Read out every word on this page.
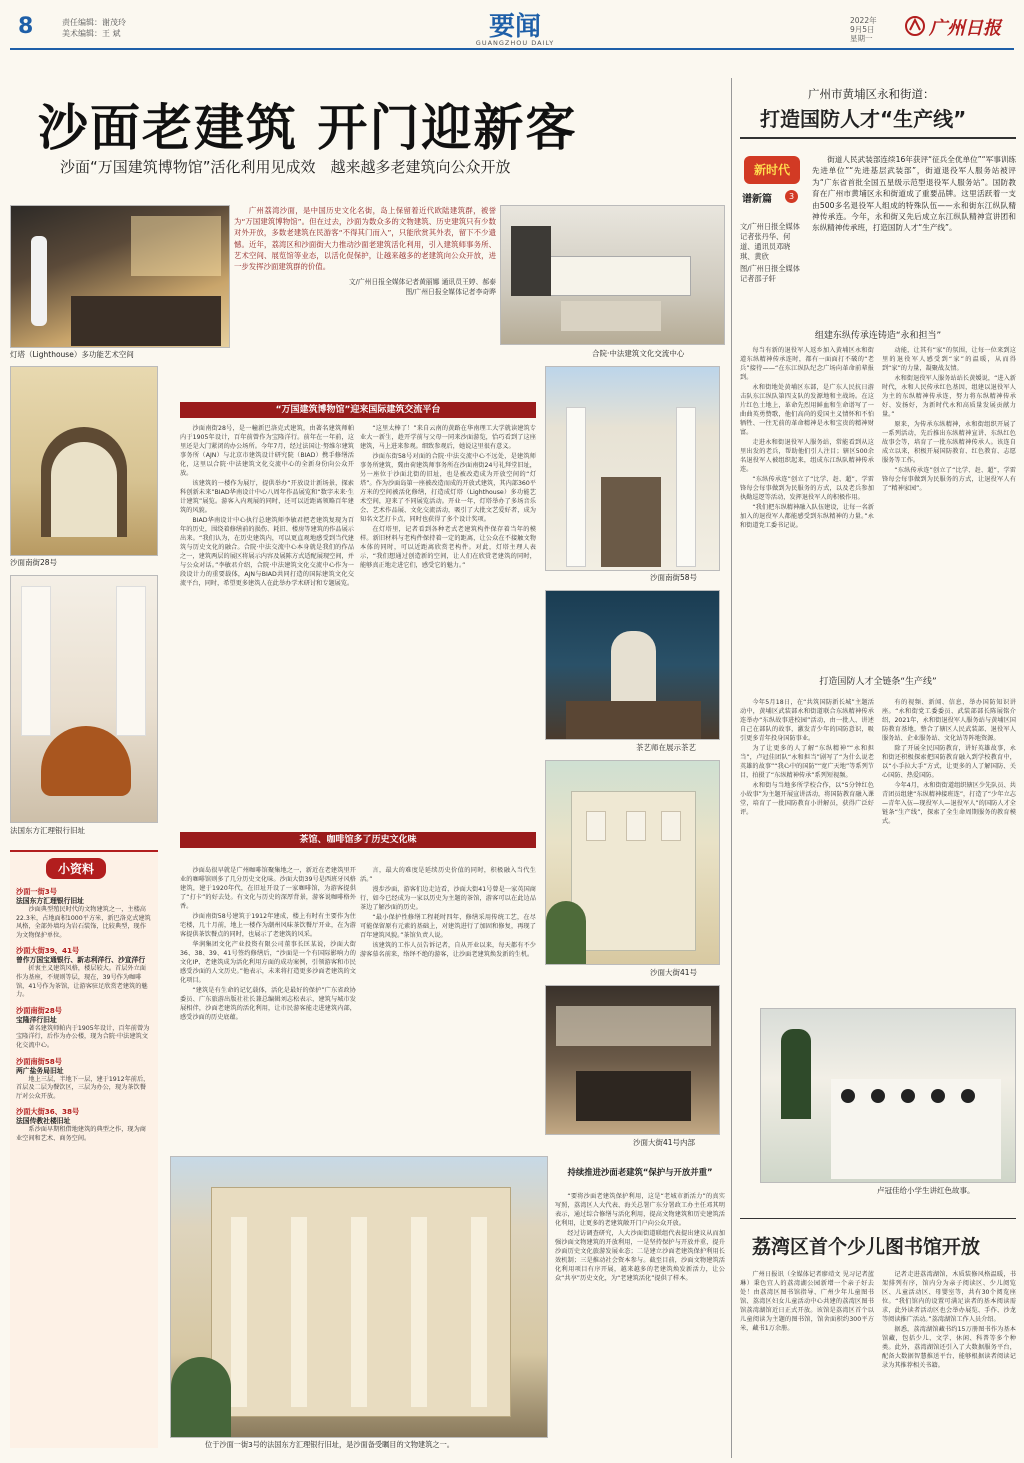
8	责任编辑：谢茂玲
美术编辑：王 斌	要闻
GUANGZHOU DAILY
2022年
9月5日
星期一	广州日报
沙面老建筑 开门迎新客
沙面“万国建筑博物馆”活化利用见成效　越来越多老建筑向公众开放
灯塔（Lighthouse）多功能艺术空间
广州荔湾沙面，是中国历史文化名街，岛上保留着近代欧陆建筑群，被誉为“万国建筑博物馆”。但在过去，沙面为数众多的文物建筑、历史建筑只有少数对外开放，多数老建筑在民游客“不得其门而入”，只能欣赏其外表，留下不少遗憾。近年，荔湾区和沙面街大力推动沙面老建筑活化利用，引入建筑师事务所、艺术空间、展览馆等业态，以活化促保护，让越来越多的老建筑向公众开放，进一步发挥沙面建筑群的价值。
文/广州日报全媒体记者黄丽娜 通讯员王婷、郝泰
图/广州日报全媒体记者李奇晔
合院·中法建筑文化交流中心
沙面南街28号
法国东方汇理银行旧址
小资料
沙面一街3号
法国东方汇理银行旧址
沙面典型殖民时代的文物建筑之一，主楼高22.3米，占地面积1000平方米，新巴洛克式建筑风格，全部外墙均为岩石装饰，比较典型，现作为文物保护单位。
沙面大街39、41号
曾作万国宝通银行、新志利洋行、沙宣洋行
折衷主义建筑风格，楼层较大。首层外立面作为基座，不规则等层，现在，39号作为咖啡馆，41号作为茶馆，让游客驻足欣赏老建筑的魅力。
沙面南街28号
宝隆洋行旧址
著名建筑师帕内于1905年设计，百年前曾为宝隆洋行，后作为办公楼，现为合院·中法建筑文化交流中心。
沙面南街58号
两广盐务局旧址
地上三层，半地下一层，建于1912年前后，首层及二层为餐饮区，三层为办公，现为茶饮餐厅对公众开放。
沙面大街36、38号
法国传教社楼旧址
系沙面早期租借地建筑的典型之作，现为商业空间和艺术、商务空间。
“万国建筑博物馆”迎来国际建筑交流平台

沙面南街28号，是一幢新巴洛克式建筑，由著名建筑师帕内于1905年设计，百年前曾作为宝隆洋行。前年在一年前，这里还是大门紧闭的办公场所。今年7月，经过法国让·努维尔建筑事务所（AJN）与北京市建筑设计研究院（BIAD）携手修缮活化，这里以合院·中法建筑文化交流中心的全新身份向公众开放。

该建筑的一楼作为展厅，提供举办“开放设计新场景，探索科创新未来”BIAD华南设计中心八周年作品展览和“数字未来·生计建筑”展览。游客入内观展的同时，还可以近距离领略百年建筑的风貌。

BIAD华南设计中心执行总建筑师李敏君把老建筑复现为百年的历史，围绕着修缮前的损伤、耗旧、楼房等建筑的作品展示出来。“我们认为，在历史建筑内，可以更直观地感受到当代建筑与历史文化的融合。合院·中法交流中心本身就是我们的作品之一，建筑两层的展区将展示内容及展陈方式适配展现空间，并与公众对话。”李敏君介绍，合院·中法建筑文化交流中心作为一段设计力的重要载体，AJN与BIAD共同打造的国际建筑文化交流平台，同时，希望更多建筑人在此举办学术研讨和专题展览。

“这里太棒了！”来自云南的黄路在华南理工大学就读建筑专业大一新生，趁开学前与父母一同来沙面游览，恰巧看到了这座建筑，马上进来参观。细致参观后，她说这里很有意义。

沙面东街58号对面的合院·中法交流中心不远处，是建筑师事务所建筑，冀由荷建筑师事务所在沙面南街24号礼拜堂旧址，另一座位于沙面北街的旧址，也是被改造成为开放空间的“灯塔”。作为沙面岛第一座被改造而成的开放式建筑，其内部360平方米的空间被活化修缮，打造成灯塔（Lighthouse）多功能艺术空间，迎来了不同展览活动。开业一年，灯塔举办了多场音乐会、艺术作品展、文化交流活动，吸引了大批文艺爱好者，成为知名文艺打卡点，同时也获得了多个设计奖项。

在灯塔里，记者看到各种老式老建筑构件保存着当年的模样。新旧材料与老构件保持着一定的距离，让公众在不接触文物本体的同时，可以近距离欣赏老构件。对此，灯塔主理人表示，“我们想通过创造新的空间，让人们在欣赏老建筑的同时，能够真正地走进它们，感受它的魅力。”

沙面南街58号
茶艺师在展示茶艺
茶馆、咖啡馆多了历史文化味

沙面岛很早就是广州咖啡馆聚集地之一，新近在老建筑里开业的咖啡馆则多了几分历史文化味。沙面大街39号是西班牙风格建筑，建于1920年代，在旧址开设了一家咖啡馆，为游客提供了“打卡”的好去处。有文化与历史的深厚背景，游客说咖啡格外香。

沙面南街58号建筑于1912年建成，楼上有时有主要作为住宅楼，几十月前，地上一楼作为潮州风味茶饮餐厅开业，在为游客提供茶饮餐点的同时，也展示了老建筑的风采。

华润集团文化产业投资有限公司董事长匡某说，沙面大街36、38、39、41号签约修缮后，“沙面是一个有国际影响力的文化IP，老建筑成为活化利用方面的成功案例，引领游客和市民感受沙面的人文历史。”他表示，未来将打造更多沙面老建筑的文化项目。

“建筑是有生命的记忆载体，活化是最好的保护”广东省政协委员、广东旅游出版社社长兼总编辑刘志松表示，建筑与城市发展相伴，沙面老建筑的活化利用，让市民游客能走进建筑内部，感受沙面的历史底蕴。

言，最大的难度是延续历史价值的同时，积极融入当代生活。”

漫步沙面，游客们边走边看，沙面大街41号曾是一家英国商行，如今已经成为一家以历史为主题的茶馆，游客可以在此边品茶边了解沙面的历史。

“最小保护性修缮工程耗时四年，修缮采用传统工艺，在尽可能保留原有元素的基础上，对建筑进行了加固和修复，再现了百年建筑风貌。”茶馆负责人说。

该建筑的工作人员告诉记者，自从开业以来，每天都有不少游客慕名前来，络绎不绝的游客，让沙面老建筑焕发新的生机。

沙面大街41号
沙面大街41号内部
位于沙面一街3号的法国东方汇理银行旧址，是沙面备受瞩目的文物建筑之一。
持续推进沙面老建筑“保护与开放并重”

“要将沙面老建筑保护利用，这是“老城市新活力”的真实写照，荔湾区人大代表、海关总署广东分署政工办主任邓其明表示，通过综合修缮与活化利用，提高文物建筑和历史建筑活化利用，让更多的老建筑敞开门户向公众开放。

经过访调查研究，人大沙面街道联组代表提出建议从而加强沙面文物建筑的开放利用，一是坚持保护与开放并重，提升沙面历史文化旅游发展业态；二是建立沙面老建筑保护利用长效机制；三是推动社会资本参与。截至目前，沙面文物建筑活化利用项目有序开展，越来越多的老建筑焕发新活力，让公众“共享”历史文化，为“老建筑活化”提供了样本。

广州市黄埔区永和街道：
打造国防人才“生产线”
新时代
谱新篇	3
文/广州日报全媒体记者张丹华、何道、通讯员邓晓琪、黄欣
图/广州日报全媒体记者邵子轩
街道人民武装部连续16年获评“征兵全优单位”“军事训练先进单位”“先进基层武装部”，街道退役军人服务站被评为“广东省首批全国五星级示范型退役军人服务站”。国防教育在广州市黄埔区永和街道成了重要品牌。这里活跃着一支由500多名退役军人组成的特殊队伍——永和街东江纵队精神传承连。今年，永和街又先后成立东江纵队精神宣讲团和东纵精神传承班，打造国防人才“生产线”。
组建东纵传承连铸造“永和担当”

每当有新的退役军人返乡加入黄埔区永和街道东纵精神传承连时，都有一面面打不破的“老兵”接待——“在东江纵队纪念广场向革命前辈报到。

永和街地处黄埔区东部，是广东人民抗日游击队东江纵队第四支队的发源地和主战场。在这片红色土地上，革命先烈用鲜血和生命谱写了一曲曲英勇赞歌，他们高尚的爱国主义情怀和不怕牺牲、一往无前的革命精神是永和宝贵的精神财富。

走进永和街退役军人服务站，常能看到从这里出发的老兵，帮助他们引人注目；辖区500余名退役军人被组织起来，组成东江纵队精神传承连。

“东纵传承连”创立了“比学、赶、超”，学雷锋每会每事做到为民服务的方式，以及老兵参加执勤巡逻等活动，发挥退役军人的积极作用。

“我们把东纵精神融入队伍建设，让每一名新加入的退役军人都能感受到东纵精神的力量。”永和街道党工委书记说。

动能，让其有“家”的氛围，让每一位来到这里的退役军人感受到“家”的温暖，从而得到“家”的力量，凝聚战友情。

永和街退役军人服务站站长黄媛说，“进入新时代，永和人民传承红色基因，组建以退役军人为主的东纵精神传承连，努力将东纵精神传承好、发扬好，为新时代永和高质量发展贡献力量。”

原来，为传承东纵精神，永和街组织开展了一系列活动，先后推出东纵精神宣讲、东纵红色故事会等，培育了一批东纵精神传承人。该连自成立以来，积极开展国防教育、红色教育、志愿服务等工作。

“东纵传承连”创立了“比学、赶、超”，学雷锋每会每事做到为民服务的方式，让退役军人有了“精神家园”。

打造国防人才全链条“生产线”

今年5月18日，在“共筑国防新长城”主题活动中，黄埔区武装部永和街道联合东纵精神传承连举办“东纵故事进校园”活动，由一批人、讲述自己在部队的故事，激发青少年的国防意识，吸引更多青年投身国防事业。

为了让更多的人了解“东纵精神”“永和担当”，卢冠佳团队“永和担当”剧写了“为什么说老英雄的故事”“我心中的国防”“宽广天地”等系列节目，拍摄了“东纵精神传承”系列短视频。

永和街与当地多所学校合作，以“5分钟红色小故事”为主题开展宣讲活动，将国防教育融入课堂，培育了一批国防教育小讲解员，获得广泛好评。

有的视频、新闻、信息，举办国防知识讲座。“永和街党工委委员、武装部部长陈展铭介绍，2021年，永和街退役军人服务站与黄埔区国防教育基地，整合了辖区人民武装部、退役军人服务站、企业服务站、文化站等阵地资源。

除了开展全民国防教育，讲好英雄故事，永和街还积极探索把国防教育融入到学校教育中，以“小手拉大手”方式，让更多的人了解国防、关心国防、热爱国防。

今年4月，永和街街道组织辖区少先队员、共青团员组建“东纵精神接班连”，打造了“少年立志—青年入伍—现役军人—退役军人”的国防人才全链条“生产线”，探索了全生命周期服务的教育模式。

卢冠佳给小学生讲红色故事。
荔湾区首个少儿图书馆开放

广州日报讯（全媒体记者廖靖文 见习记者蓝琳）秉色宜人的荔湾湖公园新增一个亲子好去处！由荔湾区图书馆指导、广州少年儿童图书馆、荔湾区妇女儿童活动中心共建的荔湾区图书馆荔湾湖馆近日正式开放。该馆是荔湾区首个以儿童阅读为主题的图书馆，馆舍面积约300平方米，藏书1万余册。

记者走进荔湾湖馆，木质装修风格温暖，书架排列有序，馆内分为亲子阅读区、少儿阅览区、儿童活动区、母婴室等，共有30个阅览座位。“我们馆内的设置可满足读者的基本阅读需求，此外读者活动区也会举办展览、手作、沙龙等阅读推广活动。”荔湾湖馆工作人员介绍。

据悉，荔湾湖馆藏书约15万册图书作为基本馆藏，包括少儿、文学、休闲、科普等多个种类。此外，荔湾湖馆还引入了大数据服务平台，配备大数据智慧推送平台，能够根据读者阅读记录为其推荐相关书籍。
